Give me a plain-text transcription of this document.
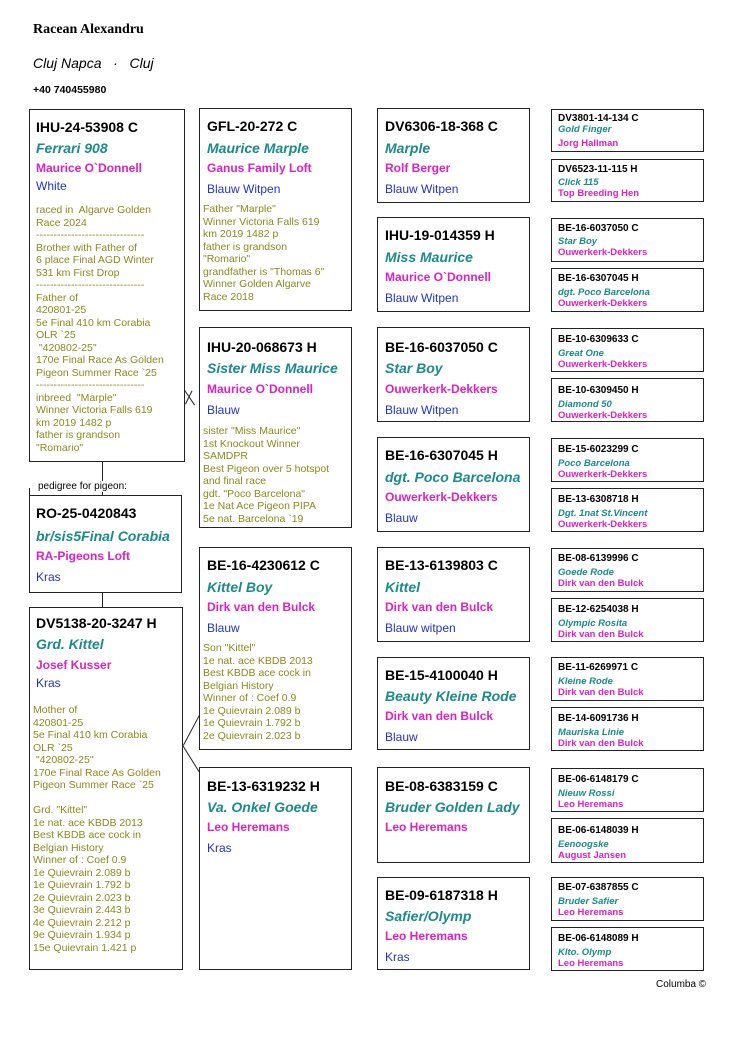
Racean Alexandru
Cluj Napca   ·   Cluj
+40 740455980
pedigree for pigeon:
RO-25-0420843
br/sis5Final Corabia
RA-Pigeons Loft
Kras
IHU-24-53908 C
Ferrari 908
Maurice O`Donnell
White
raced in  Algarve Golden
Race 2024
-------------------------------
Brother with Father of
6 place Final AGD Winter
531 km First Drop
-------------------------------
Father of
420801-25
5e Final 410 km Corabia
OLR `25
"420802-25"
170e Final Race As Golden
Pigeon Summer Race `25
-------------------------------
inbreed  "Marple"
Winner Victoria Falls 619
km 2019 1482 p
father is grandson
"Romario"
DV5138-20-3247 H
Grd. Kittel
Josef Kusser
Kras
Mother of
420801-25
5e Final 410 km Corabia
OLR `25
"420802-25"
170e Final Race As Golden
Pigeon Summer Race `25

Grd. "Kittel"
1e nat. ace KBDB 2013
Best KBDB ace cock in
Belgian History
Winner of : Coef 0.9
1e Quievrain 2.089 b
1e Quievrain 1.792 b
2e Quievrain 2.023 b
3e Quievrain 2.443 b
4e Quievrain 2.212 p
9e Quievrain 1.934 p
15e Quievrain 1.421 p
GFL-20-272 C
Maurice Marple
Ganus Family Loft
Blauw Witpen
Father "Marple"
Winner Victoria Falls 619
km 2019 1482 p
father is grandson
"Romario"
grandfather is "Thomas 6"
Winner Golden Algarve
Race 2018
IHU-20-068673 H
Sister Miss Maurice
Maurice O`Donnell
Blauw
sister "Miss Maurice"
1st Knockout Winner
SAMDPR
Best Pigeon over 5 hotspot
and final race
gdt. "Poco Barcelona"
1e Nat Ace Pigeon PIPA
5e nat. Barcelona `19
BE-16-4230612 C
Kittel Boy
Dirk van den Bulck
Blauw
Son "Kittel"
1e nat. ace KBDB 2013
Best KBDB ace cock in
Belgian History
Winner of : Coef 0.9
1e Quievrain 2.089 b
1e Quievrain 1.792 b
2e Quievrain 2.023 b
BE-13-6319232 H
Va. Onkel Goede
Leo Heremans
Kras
DV6306-18-368 C
Marple
Rolf Berger
Blauw Witpen
IHU-19-014359 H
Miss Maurice
Maurice O`Donnell
Blauw Witpen
BE-16-6037050 C
Star Boy
Ouwerkerk-Dekkers
Blauw Witpen
BE-16-6307045 H
dgt. Poco Barcelona
Ouwerkerk-Dekkers
Blauw
BE-13-6139803 C
Kittel
Dirk van den Bulck
Blauw witpen
BE-15-4100040 H
Beauty Kleine Rode
Dirk van den Bulck
Blauw
BE-08-6383159 C
Bruder Golden Lady
Leo Heremans
BE-09-6187318 H
Safier/Olymp
Leo Heremans
Kras
DV3801-14-134 C
Gold Finger
Jorg Hallman
DV6523-11-115 H
Click 115
Top Breeding Hen
BE-16-6037050 C
Star Boy
Ouwerkerk-Dekkers
BE-16-6307045 H
dgt. Poco Barcelona
Ouwerkerk-Dekkers
BE-10-6309633 C
Great One
Ouwerkerk-Dekkers
BE-10-6309450 H
Diamond 50
Ouwerkerk-Dekkers
BE-15-6023299 C
Poco Barcelona
Ouwerkerk-Dekkers
BE-13-6308718 H
Dgt. 1nat St.Vincent
Ouwerkerk-Dekkers
BE-08-6139996 C
Goede Rode
Dirk van den Bulck
BE-12-6254038 H
Olympic Rosita
Dirk van den Bulck
BE-11-6269971 C
Kleine Rode
Dirk van den Bulck
BE-14-6091736 H
Mauriska Linie
Dirk van den Bulck
BE-06-6148179 C
Nieuw Rossi
Leo Heremans
BE-06-6148039 H
Eenoogske
August Jansen
BE-07-6387855 C
Bruder Safier
Leo Heremans
BE-06-6148089 H
Klto. Olymp
Leo Heremans
Columba ©
